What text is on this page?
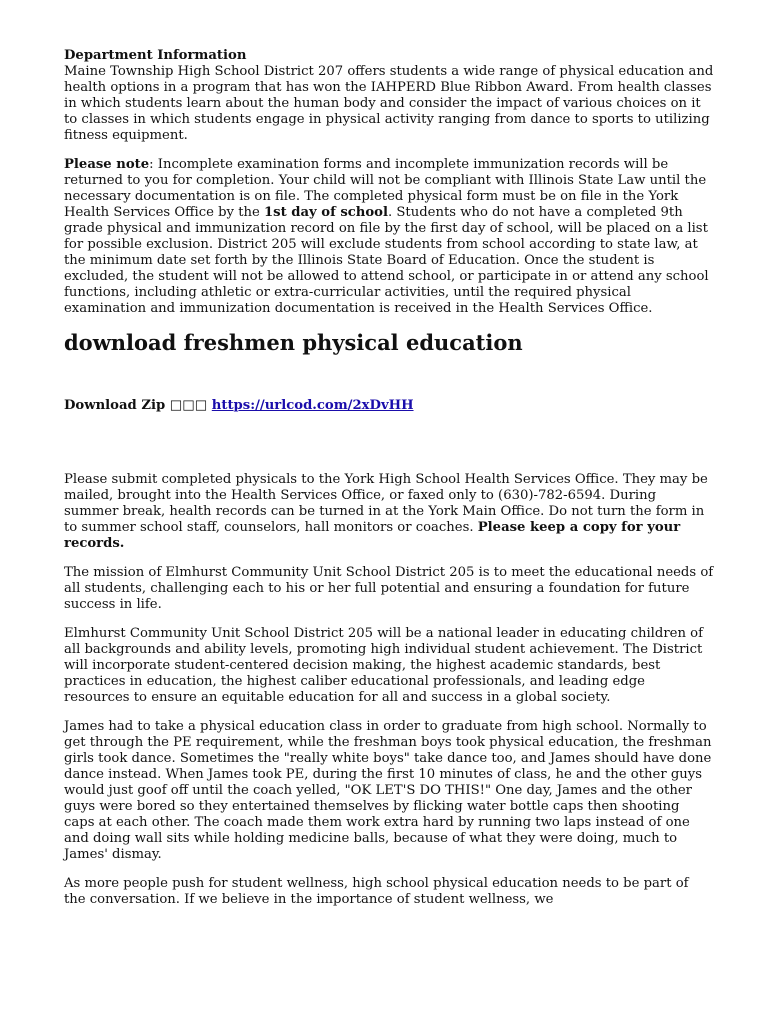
Department Information
Maine Township High School District 207 offers students a wide range of physical education and health options in a program that has won the IAHPERD Blue Ribbon Award. From health classes in which students learn about the human body and consider the impact of various choices on it to classes in which students engage in physical activity ranging from dance to sports to utilizing fitness equipment.

Please note: Incomplete examination forms and incomplete immunization records will be returned to you for completion. Your child will not be compliant with Illinois State Law until the necessary documentation is on file. The completed physical form must be on file in the York Health Services Office by the 1st day of school. Students who do not have a completed 9th grade physical and immunization record on file by the first day of school, will be placed on a list for possible exclusion. District 205 will exclude students from school according to state law, at the minimum date set forth by the Illinois State Board of Education. Once the student is excluded, the student will not be allowed to attend school, or participate in or attend any school functions, including athletic or extra-curricular activities, until the required physical examination and immunization documentation is received in the Health Services Office.

download freshmen physical education

Download Zip □□□ https://urlcod.com/2xDvHH

Please submit completed physicals to the York High School Health Services Office. They may be mailed, brought into the Health Services Office, or faxed only to (630)-782-6594. During summer break, health records can be turned in at the York Main Office. Do not turn the form in to summer school staff, counselors, hall monitors or coaches. Please keep a copy for your records.

The mission of Elmhurst Community Unit School District 205 is to meet the educational needs of all students, challenging each to his or her full potential and ensuring a foundation for future success in life.

Elmhurst Community Unit School District 205 will be a national leader in educating children of all backgrounds and ability levels, promoting high individual student achievement. The District will incorporate student-centered decision making, the highest academic standards, best practices in education, the highest caliber educational professionals, and leading edge resources to ensure an equitable education for all and success in a global society.

James had to take a physical education class in order to graduate from high school. Normally to get through the PE requirement, while the freshman boys took physical education, the freshman girls took dance. Sometimes the "really white boys" take dance too, and James should have done dance instead. When James took PE, during the first 10 minutes of class, he and the other guys would just goof off until the coach yelled, "OK LET'S DO THIS!" One day, James and the other guys were bored so they entertained themselves by flicking water bottle caps then shooting caps at each other. The coach made them work extra hard by running two laps instead of one and doing wall sits while holding medicine balls, because of what they were doing, much to James' dismay.

As more people push for student wellness, high school physical education needs to be part of the conversation. If we believe in the importance of student wellness, we
